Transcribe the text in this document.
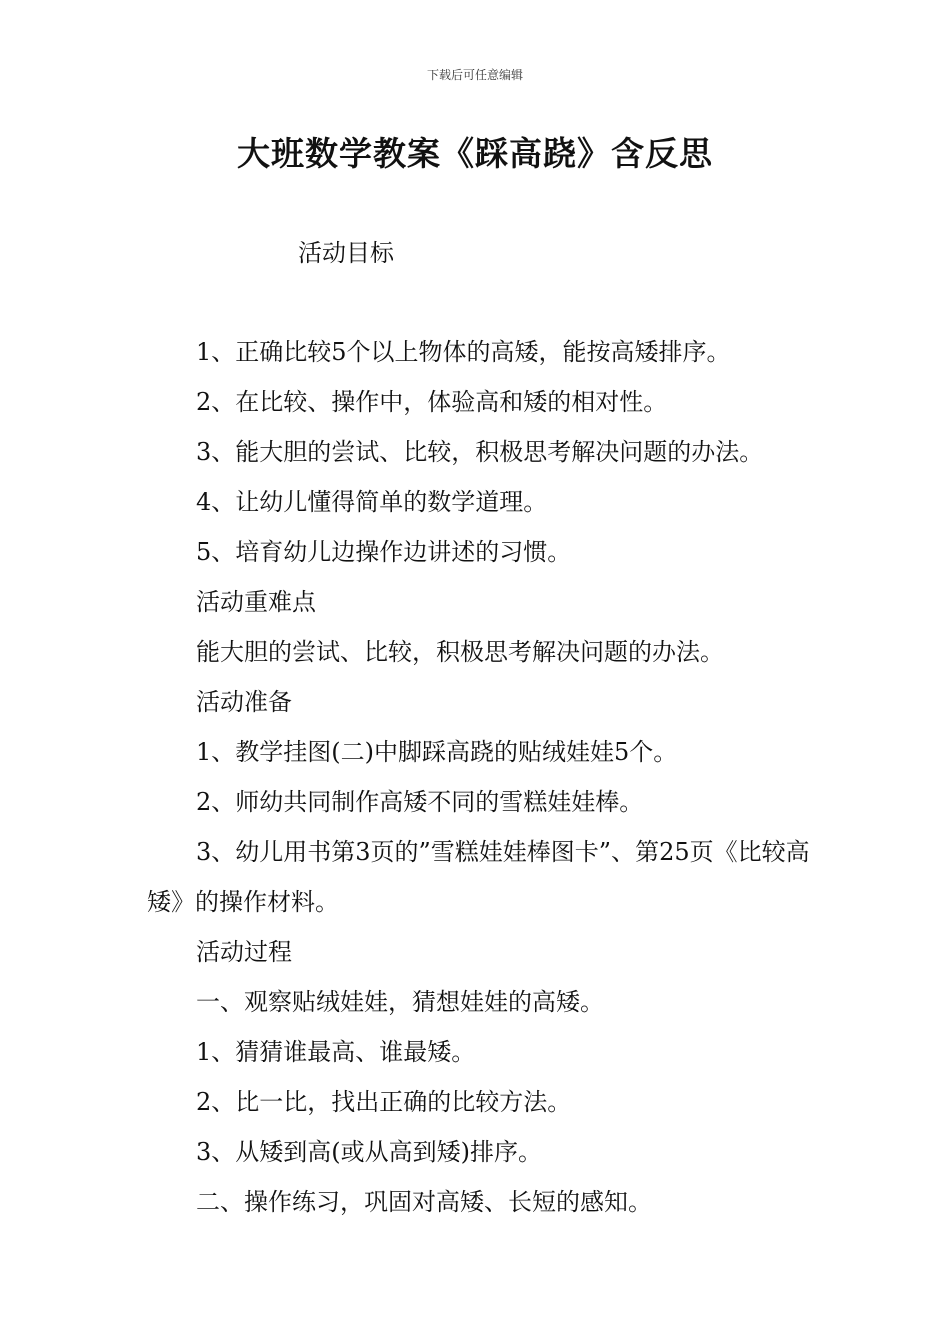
下载后可任意编辑
大班数学教案《踩高跷》含反思
活动目标

1、正确比较5个以上物体的高矮，能按高矮排序。

2、在比较、操作中，体验高和矮的相对性。

3、能大胆的尝试、比较，积极思考解决问题的办法。

4、让幼儿懂得简单的数学道理。

5、培育幼儿边操作边讲述的习惯。

活动重难点

能大胆的尝试、比较，积极思考解决问题的办法。

活动准备

1、教学挂图(二)中脚踩高跷的贴绒娃娃5个。

2、师幼共同制作高矮不同的雪糕娃娃棒。

3、幼儿用书第3页的”雪糕娃娃棒图卡”、第25页《比较高矮》的操作材料。

活动过程

一、观察贴绒娃娃，猜想娃娃的高矮。

1、猜猜谁最高、谁最矮。

2、比一比，找出正确的比较方法。

3、从矮到高(或从高到矮)排序。

二、操作练习，巩固对高矮、长短的感知。
